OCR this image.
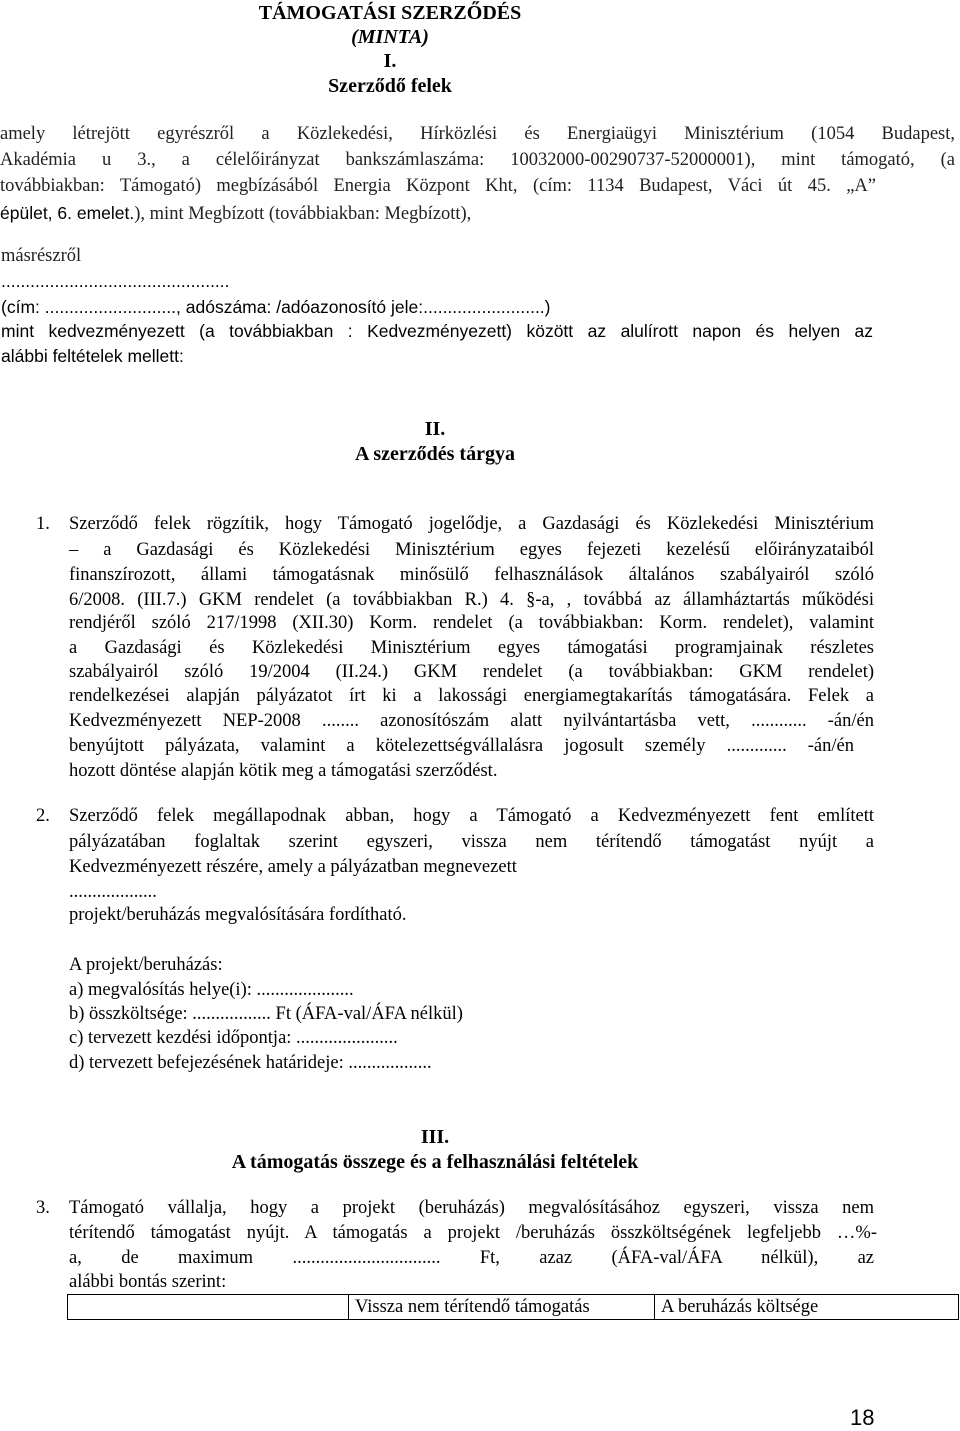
TÁMOGATÁSI SZERZŐDÉS

(MINTA)

I.

Szerződő felek

amely létrejött egyrészről a Közlekedési, Hírközlési és Energiaügyi Minisztérium (1054 Budapest,

Akadémia u 3., a célelőirányzat bankszámlaszáma: 10032000-00290737-52000001), mint támogató, (a

továbbiakban: Támogató) megbízásából Energia Központ Kht, (cím: 1134 Budapest, Váci út 45. „A”

épület, 6. emelet.), mint Megbízott (továbbiakban: Megbízott),

másrészről

...............................................

(cím: ..........................., adószáma: /adóazonosító jele:.........................)

mint kedvezményezett (a továbbiakban : Kedvezményezett) között az alulírott napon és helyen az

alábbi feltételek mellett:

II.

A szerződés tárgya

1. Szerződő felek rögzítik, hogy Támogató jogelődje, a Gazdasági és Közlekedési Minisztérium

– a Gazdasági és Közlekedési Minisztérium egyes fejezeti kezelésű előirányzataiból

finanszírozott, állami támogatásnak minősülő felhasználások általános szabályairól szóló

6/2008. (III.7.) GKM rendelet (a továbbiakban R.) 4. §-a, , továbbá az államháztartás működési

rendjéről szóló 217/1998 (XII.30) Korm. rendelet (a továbbiakban: Korm. rendelet), valamint

a Gazdasági és Közlekedési Minisztérium egyes támogatási programjainak részletes

szabályairól szóló 19/2004 (II.24.) GKM rendelet (a továbbiakban: GKM rendelet)

rendelkezései alapján pályázatot írt ki a lakossági energiamegtakarítás támogatására. Felek a

Kedvezményezett NEP-2008 ........ azonosítószám alatt nyilvántartásba vett, ............ -án/én

benyújtott pályázata, valamint a kötelezettségvállalásra jogosult személy ............. -án/én

hozott döntése alapján kötik meg a támogatási szerződést.

2. Szerződő felek megállapodnak abban, hogy a Támogató a Kedvezményezett fent említett

pályázatában foglaltak szerint egyszeri, vissza nem térítendő támogatást nyújt a

Kedvezményezett részére, amely a pályázatban megnevezett

...................

projekt/beruházás megvalósítására fordítható.

A projekt/beruházás:

a) megvalósítás helye(i): .....................

b) összköltsége: ................. Ft (ÁFA-val/ÁFA nélkül)

c) tervezett kezdési időpontja: ......................

d) tervezett befejezésének határideje: ..................

III.

A támogatás összege és a felhasználási feltételek

3. Támogató vállalja, hogy a projekt (beruházás) megvalósításához egyszeri, vissza nem

térítendő támogatást nyújt. A támogatás a projekt /beruházás összköltségének legfeljebb …%-

a, de maximum ................................ Ft, azaz (ÁFA-val/ÁFA nélkül), az

alábbi bontás szerint:

	Vissza nem térítendő támogatás	A beruházás költsége

18
